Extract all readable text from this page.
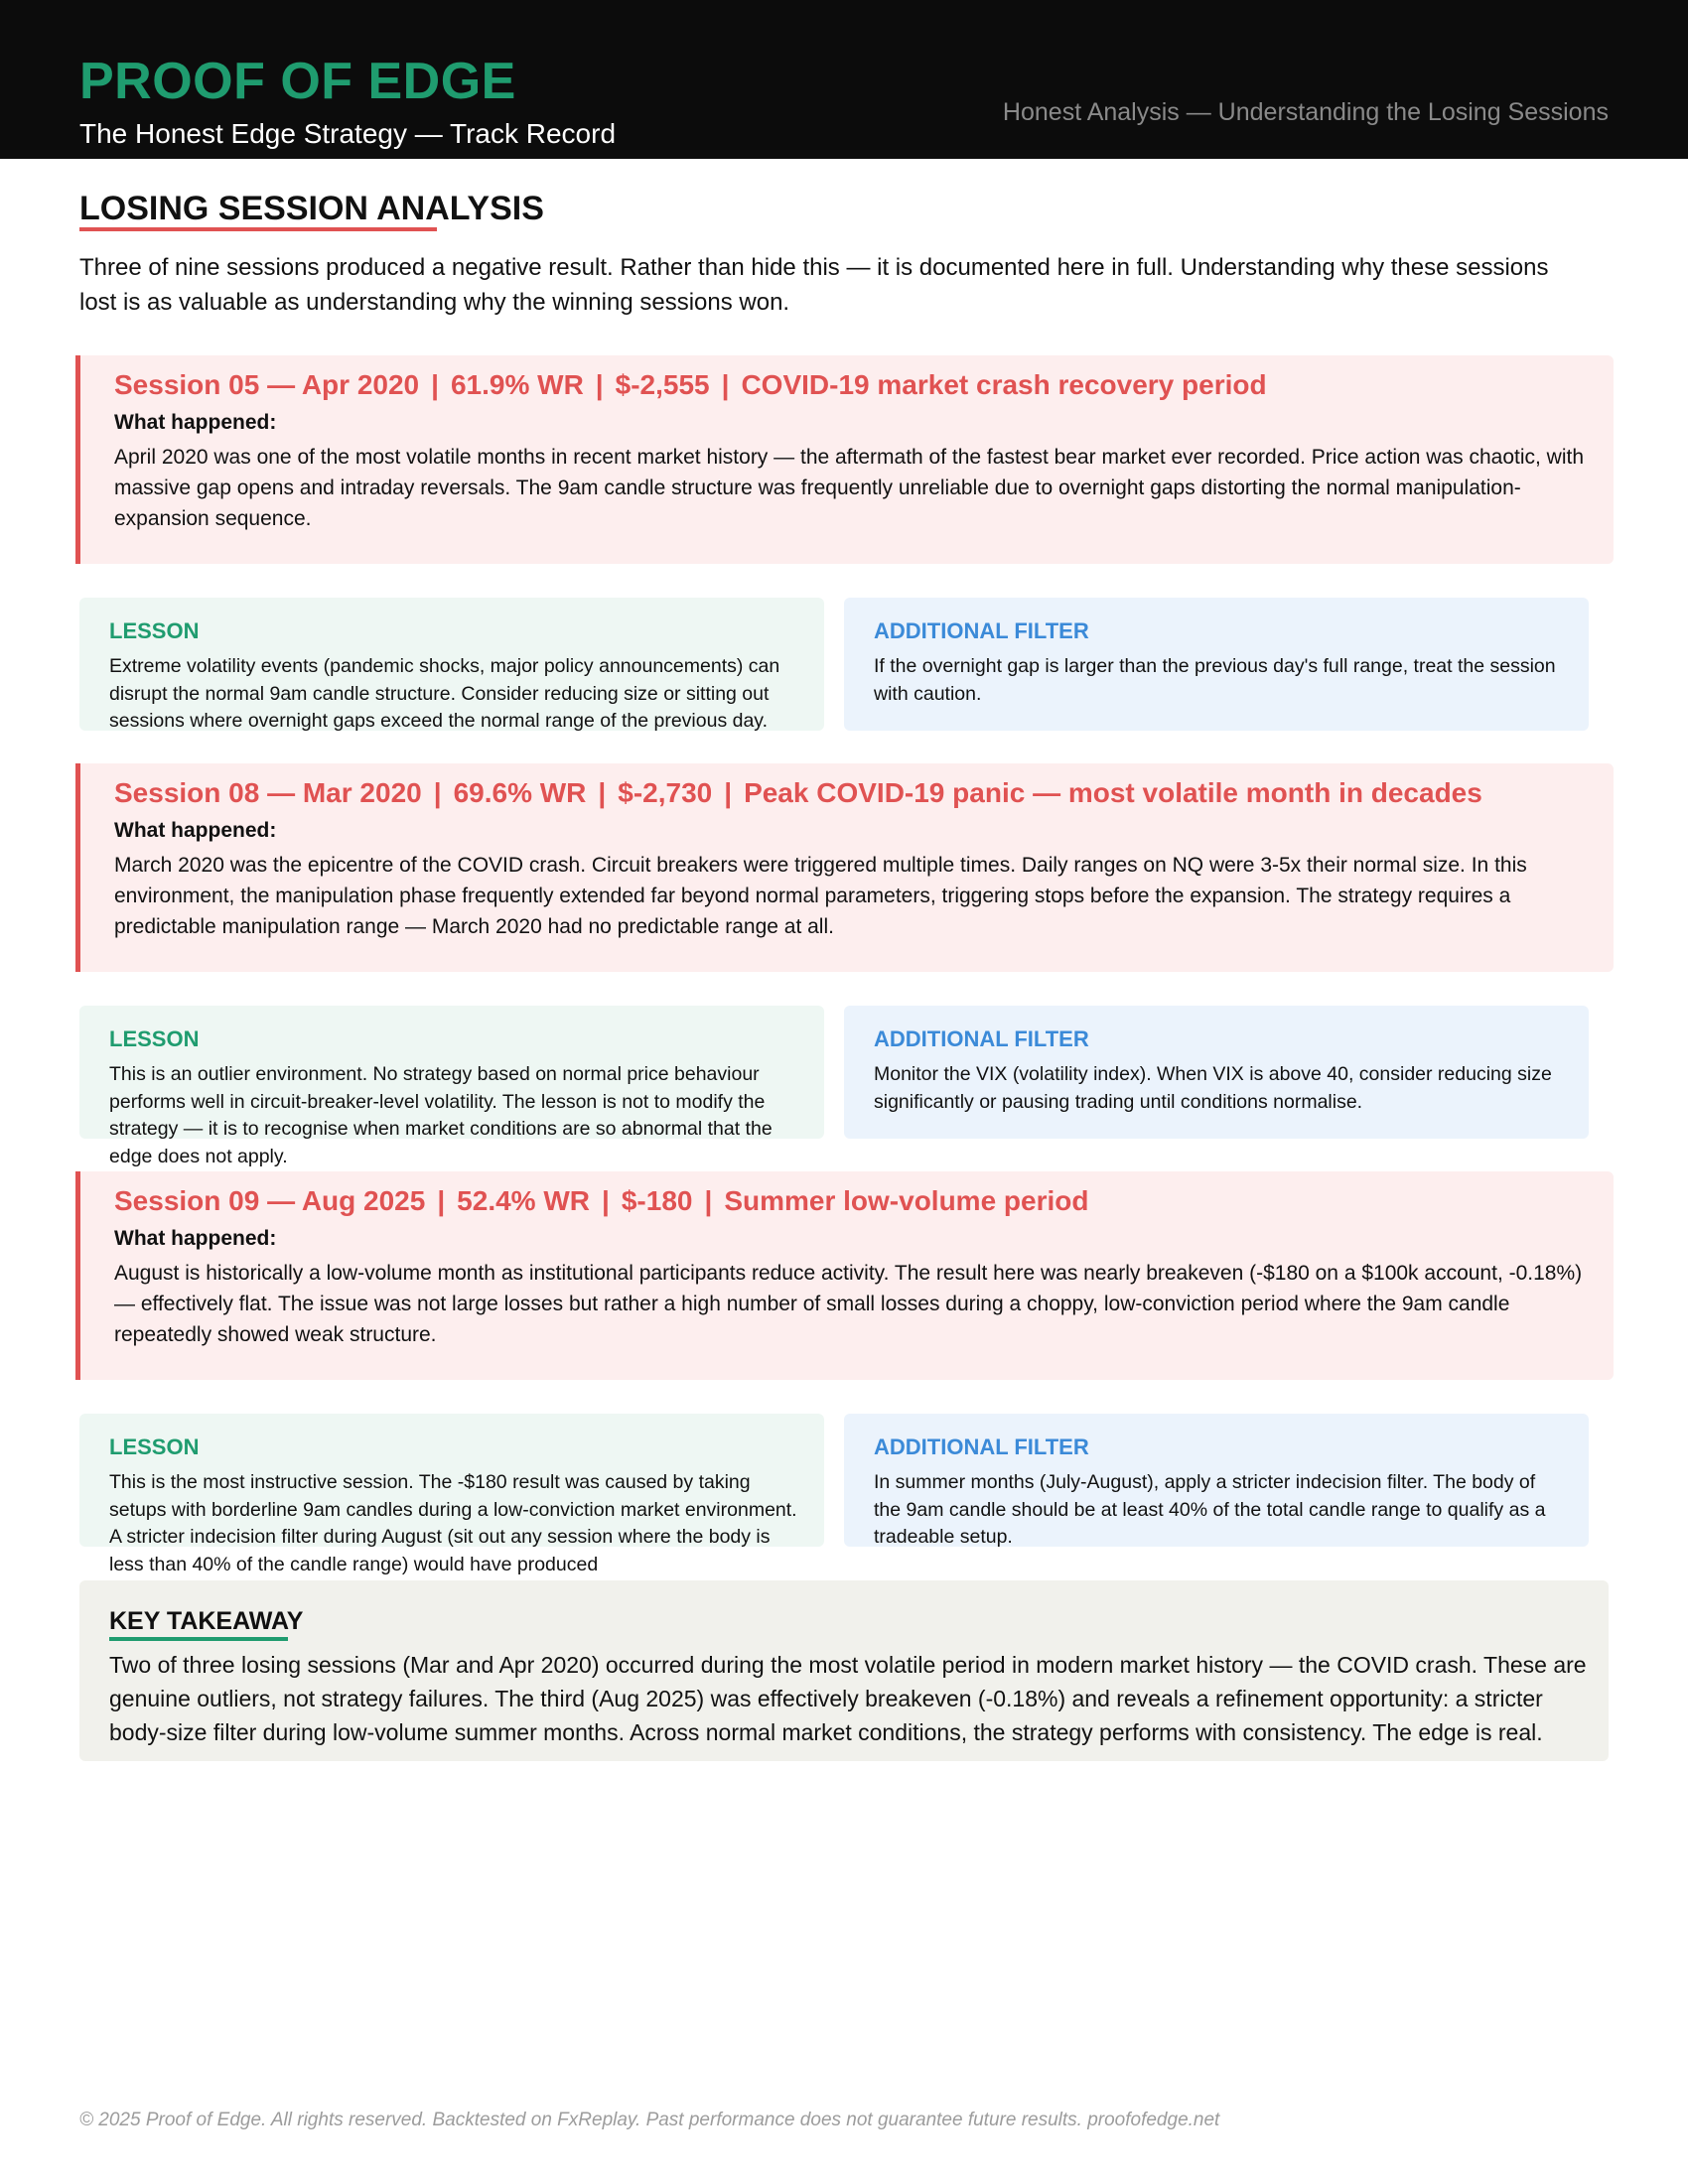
PROOF OF EDGE
The Honest Edge Strategy — Track Record
Honest Analysis — Understanding the Losing Sessions
LOSING SESSION ANALYSIS

Three of nine sessions produced a negative result. Rather than hide this — it is documented here in full. Understanding why these sessions lost is as valuable as understanding why the winning sessions won.

Session 05 — Apr 2020 | 61.9% WR | $-2,555 | COVID-19 market crash recovery period
What happened:

April 2020 was one of the most volatile months in recent market history — the aftermath of the fastest bear market ever recorded. Price action was chaotic, with massive gap opens and intraday reversals. The 9am candle structure was frequently unreliable due to overnight gaps distorting the normal manipulation-expansion sequence.

LESSON

Extreme volatility events (pandemic shocks, major policy announcements) can disrupt the normal 9am candle structure. Consider reducing size or sitting out sessions where overnight gaps exceed the normal range of the previous day.

ADDITIONAL FILTER

If the overnight gap is larger than the previous day's full range, treat the session with caution.

Session 08 — Mar 2020 | 69.6% WR | $-2,730 | Peak COVID-19 panic — most volatile month in decades
What happened:

March 2020 was the epicentre of the COVID crash. Circuit breakers were triggered multiple times. Daily ranges on NQ were 3-5x their normal size. In this environment, the manipulation phase frequently extended far beyond normal parameters, triggering stops before the expansion. The strategy requires a predictable manipulation range — March 2020 had no predictable range at all.

LESSON

This is an outlier environment. No strategy based on normal price behaviour performs well in circuit-breaker-level volatility. The lesson is not to modify the strategy — it is to recognise when market conditions are so abnormal that the edge does not apply.

ADDITIONAL FILTER

Monitor the VIX (volatility index). When VIX is above 40, consider reducing size significantly or pausing trading until conditions normalise.

Session 09 — Aug 2025 | 52.4% WR | $-180 | Summer low-volume period
What happened:

August is historically a low-volume month as institutional participants reduce activity. The result here was nearly breakeven (-$180 on a $100k account, -0.18%) — effectively flat. The issue was not large losses but rather a high number of small losses during a choppy, low-conviction period where the 9am candle repeatedly showed weak structure.

LESSON

This is the most instructive session. The -$180 result was caused by taking setups with borderline 9am candles during a low-conviction market environment. A stricter indecision filter during August (sit out any session where the body is less than 40% of the candle range) would have produced

ADDITIONAL FILTER

In summer months (July-August), apply a stricter indecision filter. The body of the 9am candle should be at least 40% of the total candle range to qualify as a tradeable setup.

KEY TAKEAWAY

Two of three losing sessions (Mar and Apr 2020) occurred during the most volatile period in modern market history — the COVID crash. These are genuine outliers, not strategy failures. The third (Aug 2025) was effectively breakeven (-0.18%) and reveals a refinement opportunity: a stricter body-size filter during low-volume summer months. Across normal market conditions, the strategy performs with consistency. The edge is real.

© 2025 Proof of Edge. All rights reserved. Backtested on FxReplay. Past performance does not guarantee future results. proofofedge.net
